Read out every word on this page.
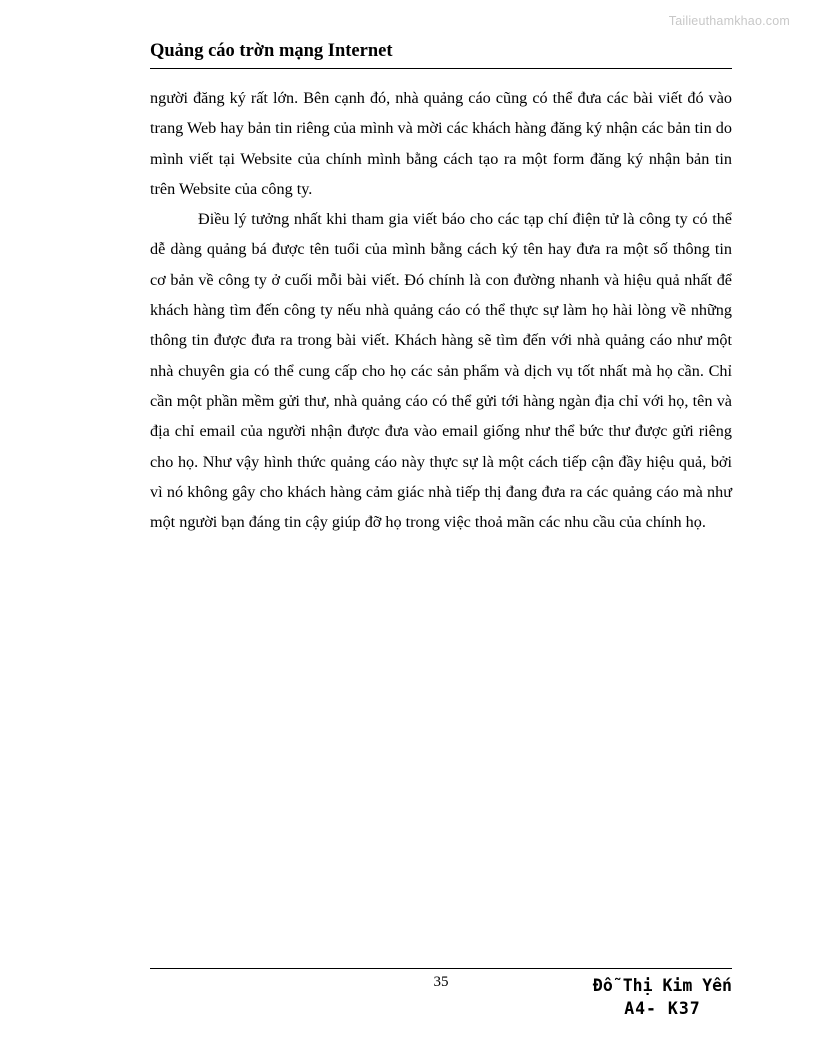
Tailieuthamkhao.com
Quảng cáo trờn mạng Internet

người đăng ký rất lớn. Bên cạnh đó, nhà quảng cáo cũng có thể đưa các bài viết đó vào trang Web hay bản tin riêng của mình và mời các khách hàng đăng ký nhận các bản tin do mình viết tại Website của chính mình bằng cách tạo ra một form đăng ký nhận bản tin trên Website của công ty.

Điều lý tưởng nhất khi tham gia viết báo cho các tạp chí điện tử là công ty có thể dễ dàng quảng bá được tên tuổi của mình bằng cách ký tên hay đưa ra một số thông tin cơ bản về công ty ở cuối mỗi bài viết. Đó chính là con đường nhanh và hiệu quả nhất để khách hàng tìm đến công ty nếu nhà quảng cáo có thể thực sự làm họ hài lòng về những thông tin được đưa ra trong bài viết. Khách hàng sẽ tìm đến với nhà quảng cáo như một nhà chuyên gia có thể cung cấp cho họ các sản phẩm và dịch vụ tốt nhất mà họ cần. Chỉ cần một phần mềm gửi thư, nhà quảng cáo có thể gửi tới hàng ngàn địa chỉ với họ, tên và địa chỉ email của người nhận được đưa vào email giống như thể bức thư được gửi riêng cho họ. Như vậy hình thức quảng cáo này thực sự là một cách tiếp cận đầy hiệu quả, bởi vì nó không gây cho khách hàng cảm giác nhà tiếp thị đang đưa ra các quảng cáo mà như một người bạn đáng tin cậy giúp đỡ họ trong việc thoả mãn các nhu cầu của chính họ.

35	Đỗ Thị Kim Yến
A4- K37
